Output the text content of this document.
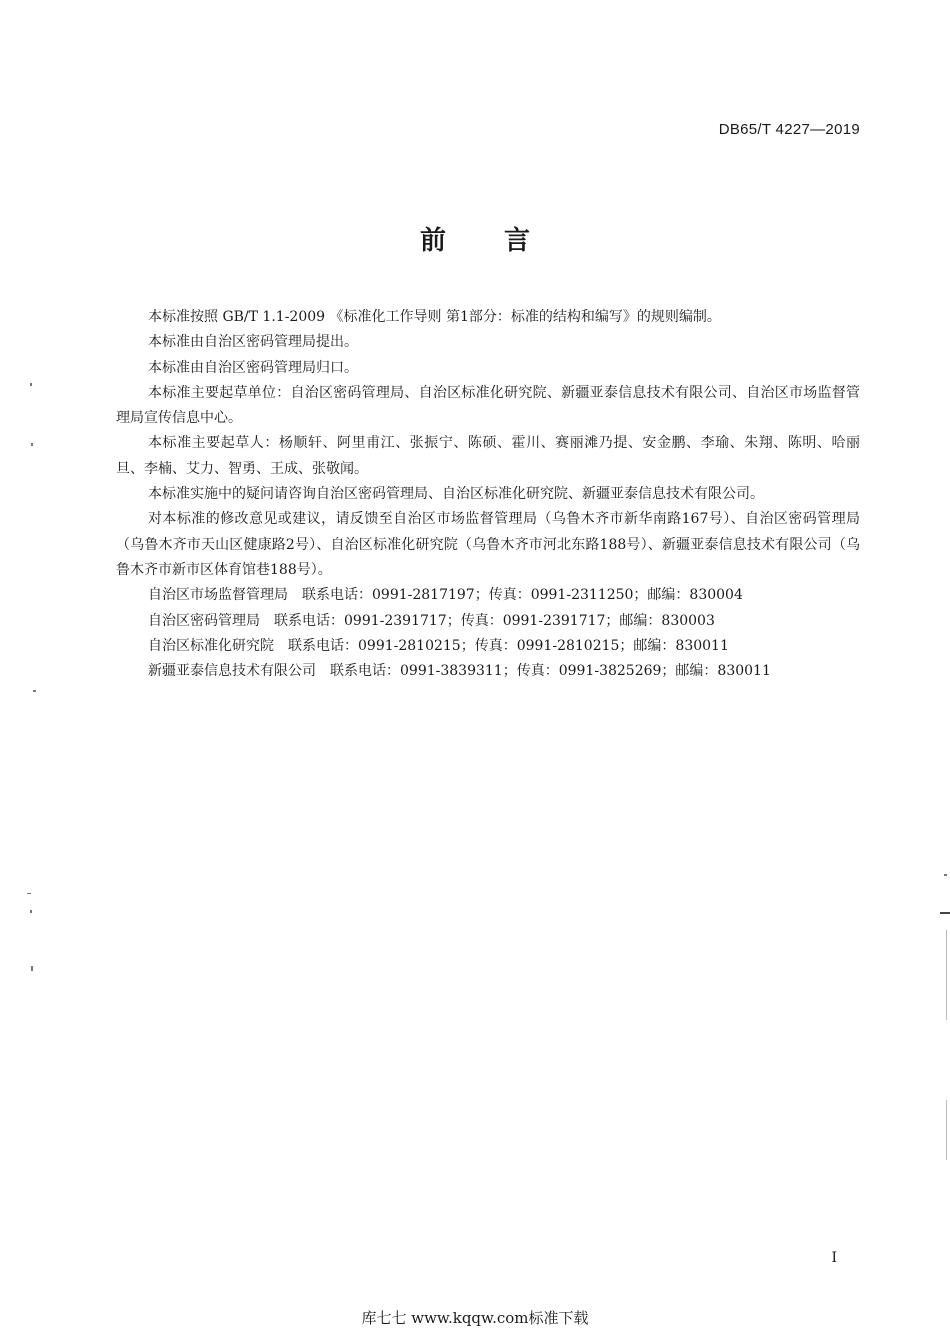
DB65/T 4227—2019
前言

本标准按照 GB/T 1.1-2009 《标准化工作导则 第1部分：标准的结构和编写》的规则编制。

本标准由自治区密码管理局提出。

本标准由自治区密码管理局归口。

本标准主要起草单位：自治区密码管理局、自治区标准化研究院、新疆亚泰信息技术有限公司、自治区市场监督管理局宣传信息中心。

本标准主要起草人：杨顺轩、阿里甫江、张振宁、陈硕、霍川、赛丽滩乃提、安金鹏、李瑜、朱翔、陈明、哈丽旦、李楠、艾力、智勇、王成、张敬闻。

本标准实施中的疑问请咨询自治区密码管理局、自治区标准化研究院、新疆亚泰信息技术有限公司。

对本标准的修改意见或建议，请反馈至自治区市场监督管理局（乌鲁木齐市新华南路167号）、自治区密码管理局（乌鲁木齐市天山区健康路2号）、自治区标准化研究院（乌鲁木齐市河北东路188号）、新疆亚泰信息技术有限公司（乌鲁木齐市新市区体育馆巷188号）。

自治区市场监督管理局　联系电话：0991-2817197；传真：0991-2311250；邮编：830004

自治区密码管理局　联系电话：0991-2391717；传真：0991-2391717；邮编：830003

自治区标准化研究院　联系电话：0991-2810215；传真：0991-2810215；邮编：830011

新疆亚泰信息技术有限公司　联系电话：0991-3839311；传真：0991-3825269；邮编：830011

I
库七七 www.kqqw.com标准下载
